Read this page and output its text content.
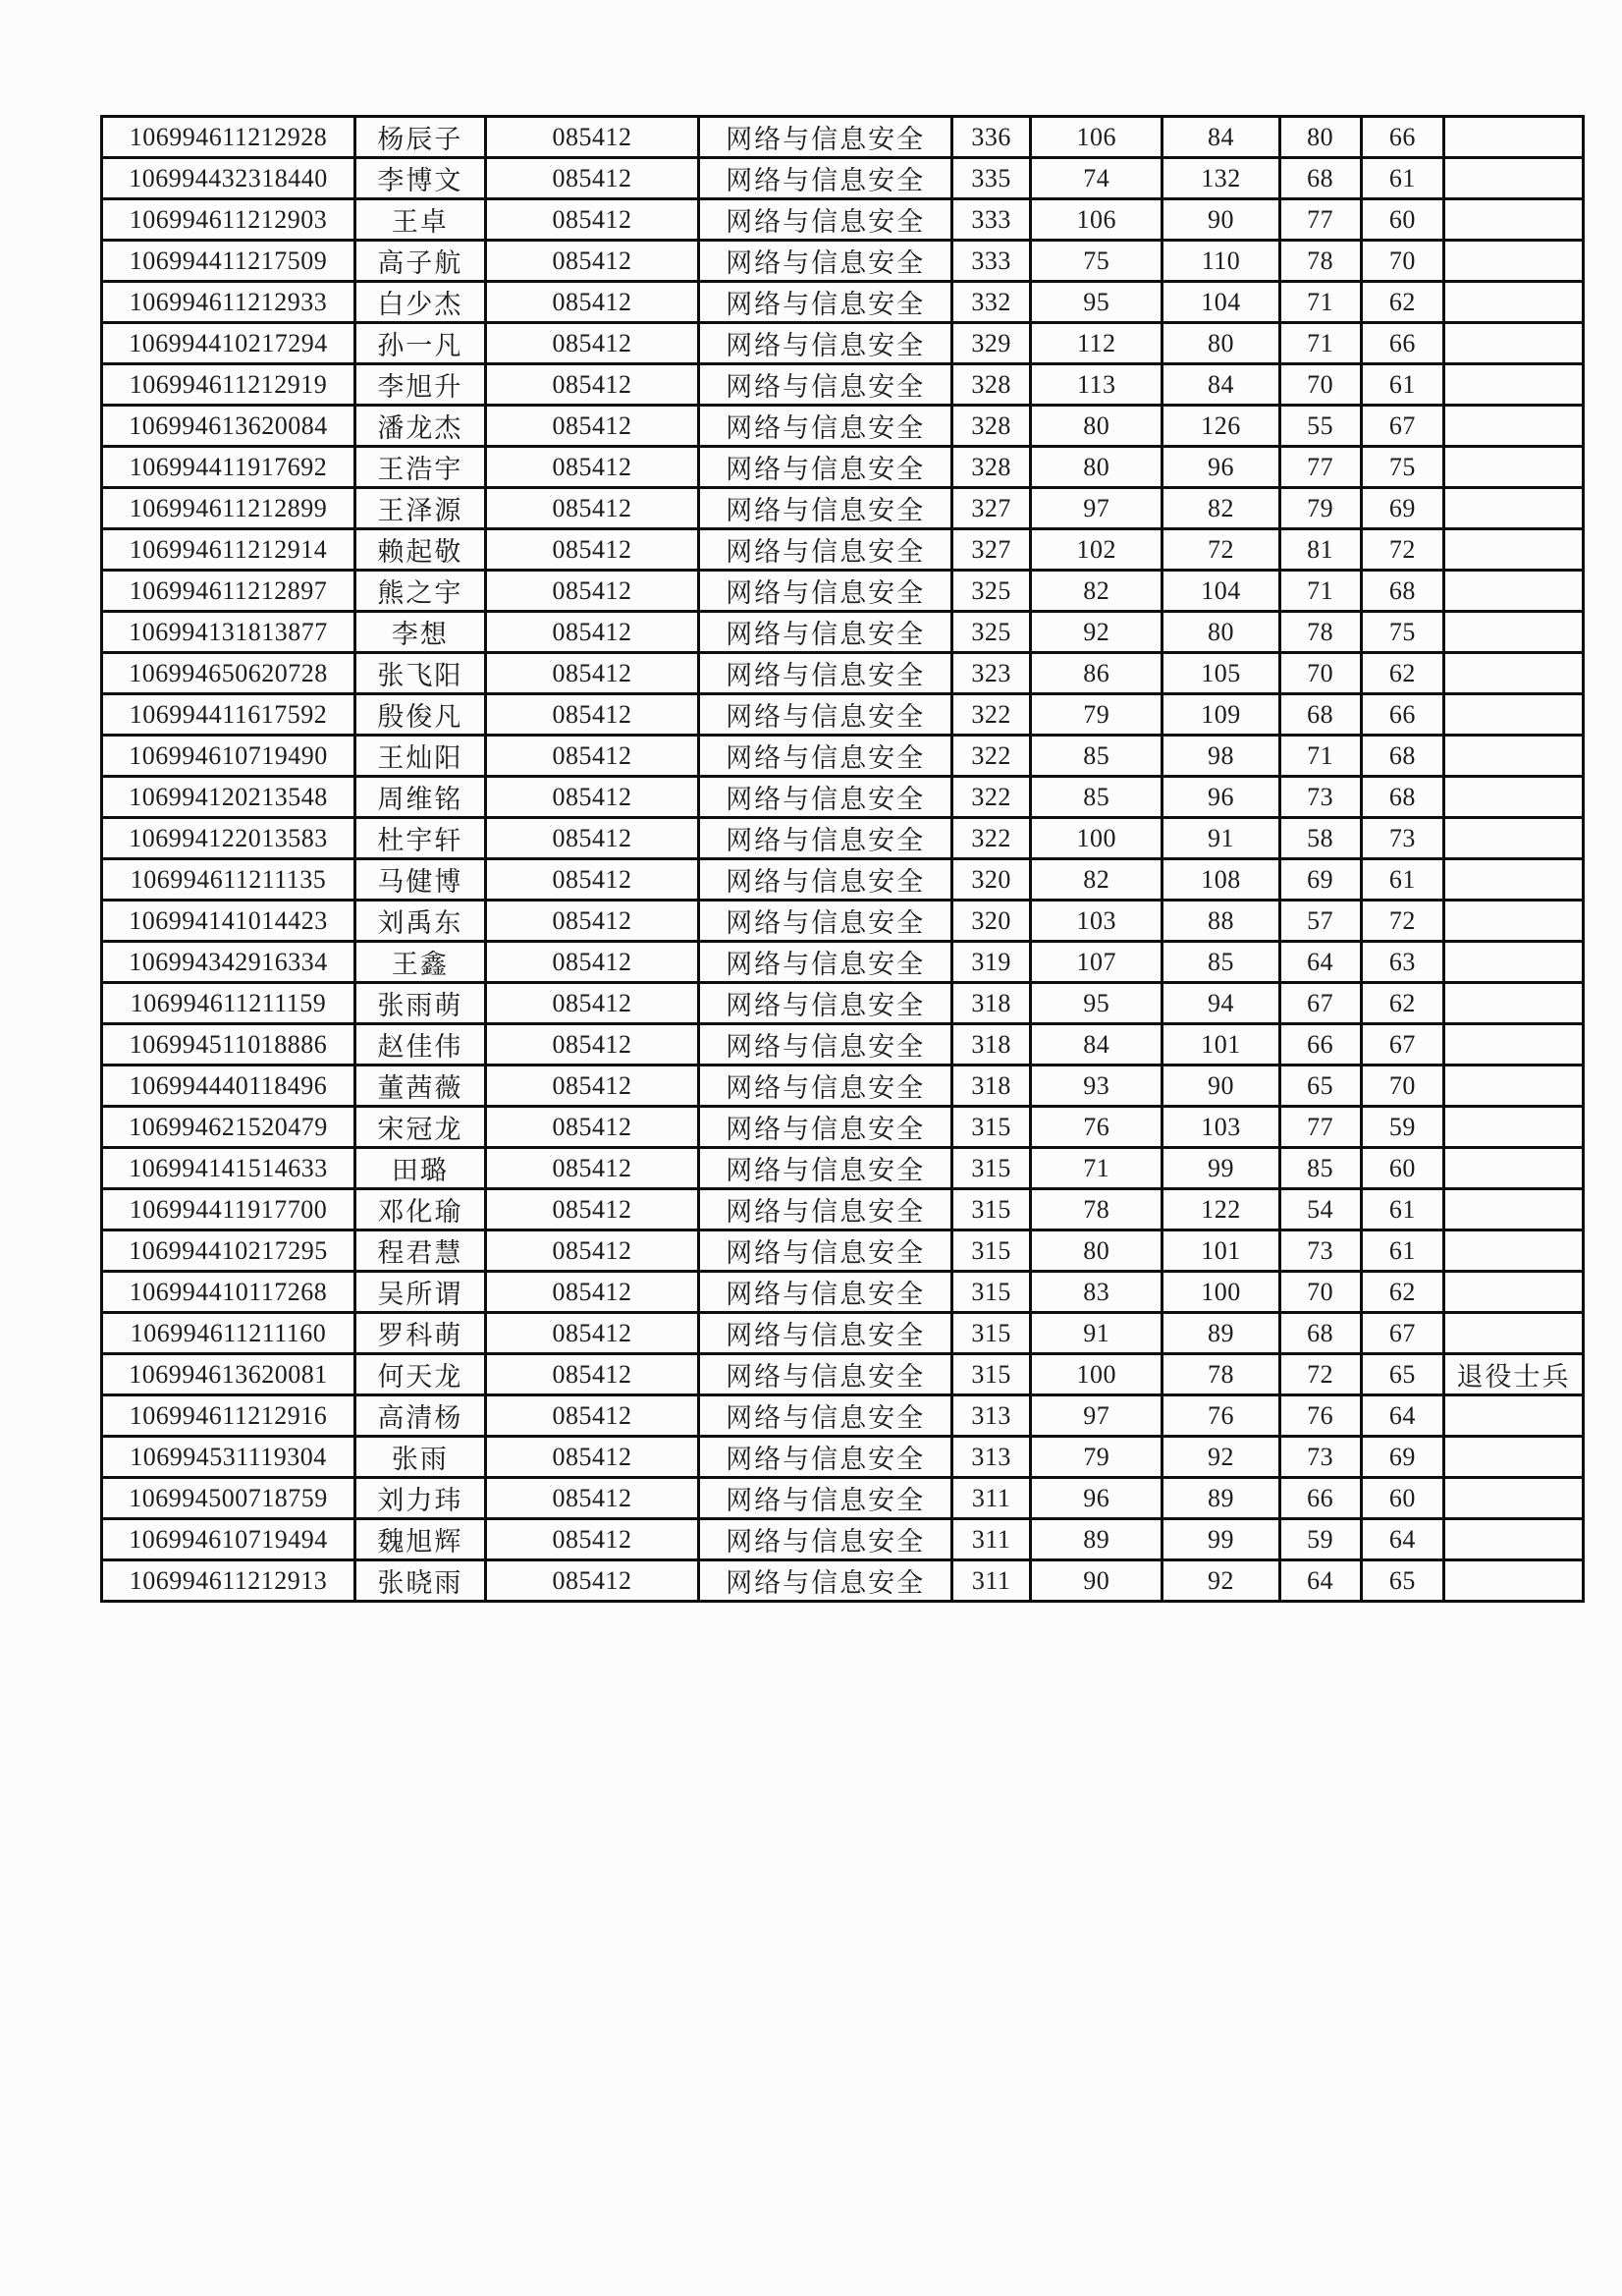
106994611212928	杨辰子	085412	网络与信息安全	336	106	84	80	66	
106994432318440	李博文	085412	网络与信息安全	335	74	132	68	61	
106994611212903	王卓	085412	网络与信息安全	333	106	90	77	60	
106994411217509	高子航	085412	网络与信息安全	333	75	110	78	70	
106994611212933	白少杰	085412	网络与信息安全	332	95	104	71	62	
106994410217294	孙一凡	085412	网络与信息安全	329	112	80	71	66	
106994611212919	李旭升	085412	网络与信息安全	328	113	84	70	61	
106994613620084	潘龙杰	085412	网络与信息安全	328	80	126	55	67	
106994411917692	王浩宇	085412	网络与信息安全	328	80	96	77	75	
106994611212899	王泽源	085412	网络与信息安全	327	97	82	79	69	
106994611212914	赖起敬	085412	网络与信息安全	327	102	72	81	72	
106994611212897	熊之宇	085412	网络与信息安全	325	82	104	71	68	
106994131813877	李想	085412	网络与信息安全	325	92	80	78	75	
106994650620728	张飞阳	085412	网络与信息安全	323	86	105	70	62	
106994411617592	殷俊凡	085412	网络与信息安全	322	79	109	68	66	
106994610719490	王灿阳	085412	网络与信息安全	322	85	98	71	68	
106994120213548	周维铭	085412	网络与信息安全	322	85	96	73	68	
106994122013583	杜宇轩	085412	网络与信息安全	322	100	91	58	73	
106994611211135	马健博	085412	网络与信息安全	320	82	108	69	61	
106994141014423	刘禹东	085412	网络与信息安全	320	103	88	57	72	
106994342916334	王鑫	085412	网络与信息安全	319	107	85	64	63	
106994611211159	张雨萌	085412	网络与信息安全	318	95	94	67	62	
106994511018886	赵佳伟	085412	网络与信息安全	318	84	101	66	67	
106994440118496	董茜薇	085412	网络与信息安全	318	93	90	65	70	
106994621520479	宋冠龙	085412	网络与信息安全	315	76	103	77	59	
106994141514633	田璐	085412	网络与信息安全	315	71	99	85	60	
106994411917700	邓化瑜	085412	网络与信息安全	315	78	122	54	61	
106994410217295	程君慧	085412	网络与信息安全	315	80	101	73	61	
106994410117268	吴所谓	085412	网络与信息安全	315	83	100	70	62	
106994611211160	罗科萌	085412	网络与信息安全	315	91	89	68	67	
106994613620081	何天龙	085412	网络与信息安全	315	100	78	72	65	退役士兵
106994611212916	高清杨	085412	网络与信息安全	313	97	76	76	64	
106994531119304	张雨	085412	网络与信息安全	313	79	92	73	69	
106994500718759	刘力玮	085412	网络与信息安全	311	96	89	66	60	
106994610719494	魏旭辉	085412	网络与信息安全	311	89	99	59	64	
106994611212913	张晓雨	085412	网络与信息安全	311	90	92	64	65	
